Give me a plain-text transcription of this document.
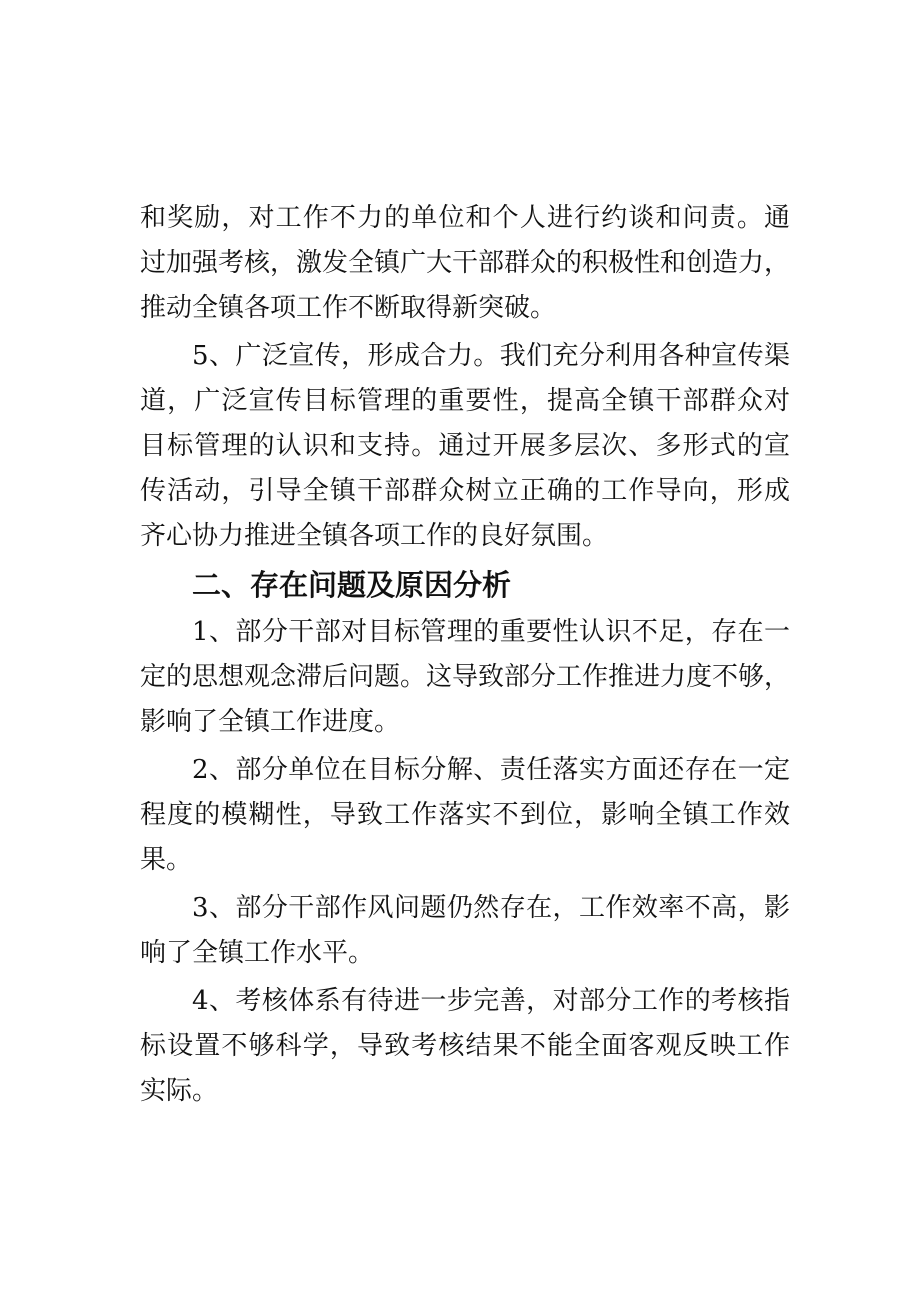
和奖励，对工作不力的单位和个人进行约谈和问责。通
过加强考核，激发全镇广大干部群众的积极性和创造力，
推动全镇各项工作不断取得新突破。
5、广泛宣传，形成合力。我们充分利用各种宣传渠
道，广泛宣传目标管理的重要性，提高全镇干部群众对
目标管理的认识和支持。通过开展多层次、多形式的宣
传活动，引导全镇干部群众树立正确的工作导向，形成
齐心协力推进全镇各项工作的良好氛围。
二、存在问题及原因分析
1、部分干部对目标管理的重要性认识不足，存在一
定的思想观念滞后问题。这导致部分工作推进力度不够，
影响了全镇工作进度。
2、部分单位在目标分解、责任落实方面还存在一定
程度的模糊性，导致工作落实不到位，影响全镇工作效
果。
3、部分干部作风问题仍然存在，工作效率不高，影
响了全镇工作水平。
4、考核体系有待进一步完善，对部分工作的考核指
标设置不够科学，导致考核结果不能全面客观反映工作
实际。
